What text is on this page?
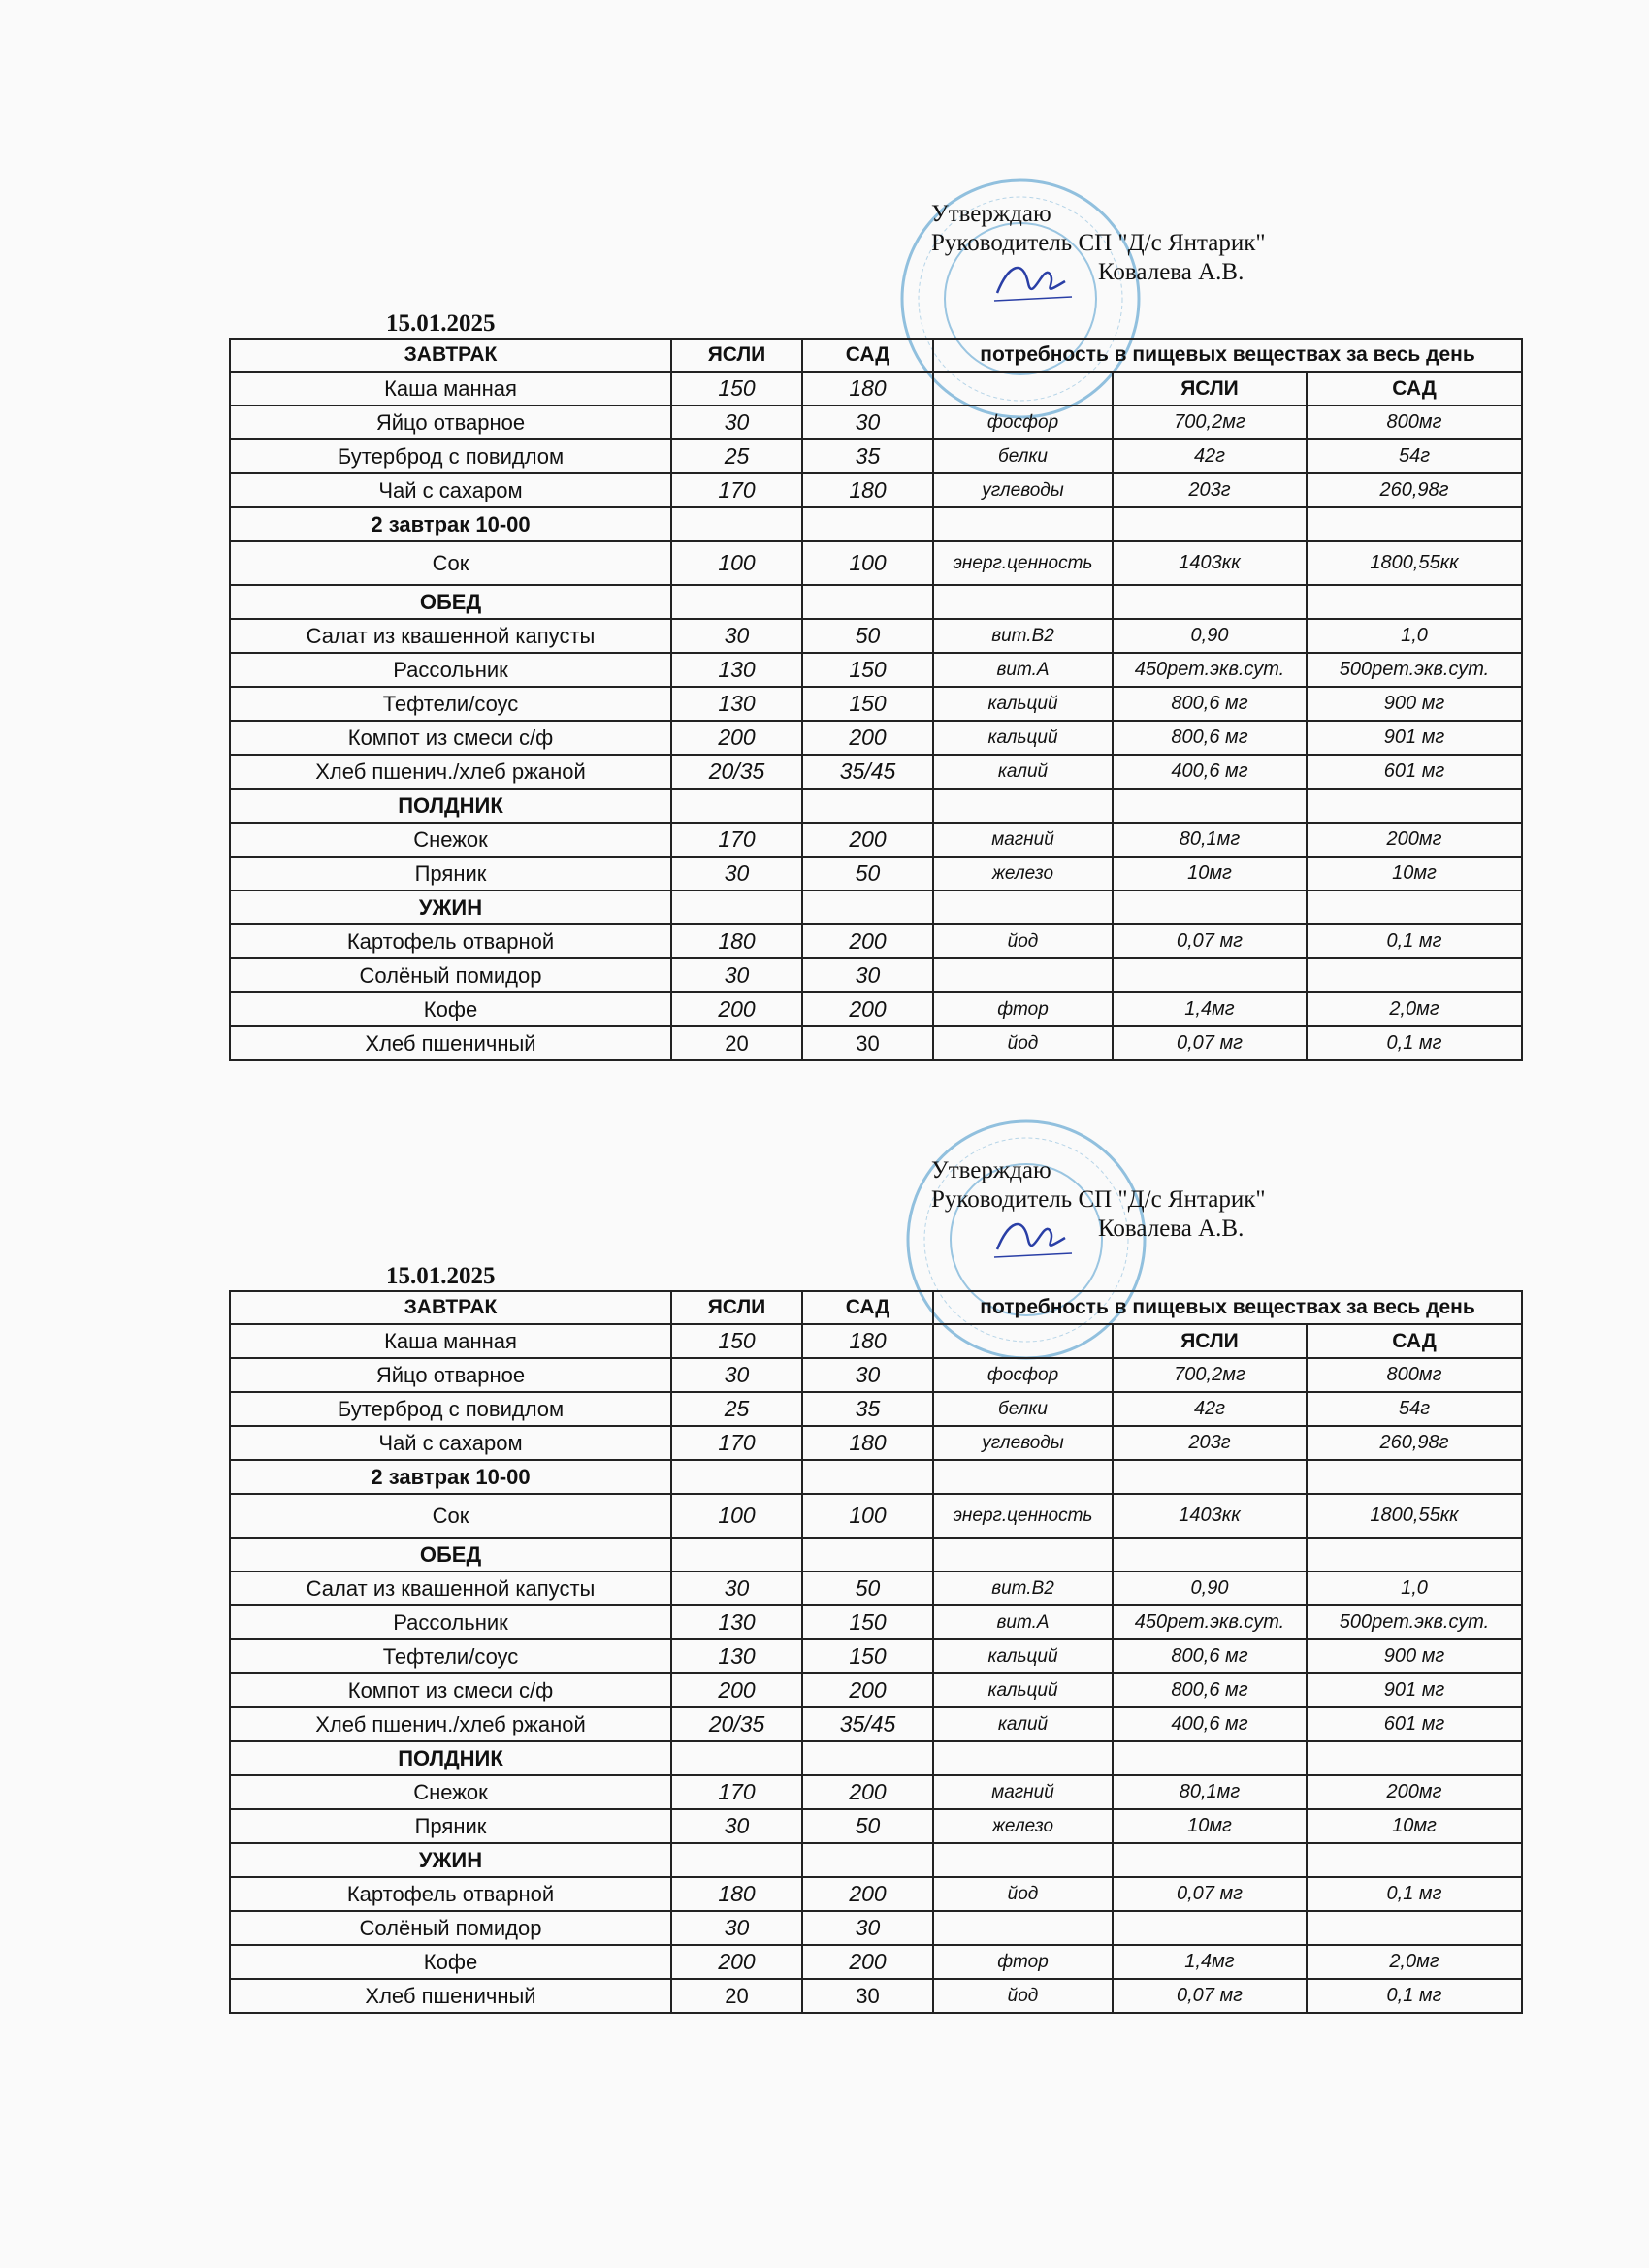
Утверждаю
Руководитель СП "Д/с Янтарик"
Ковалева А.В.
15.01.2025
ЗАВТРАК	ЯСЛИ	САД	потребность в пищевых веществах за весь день		
Каша манная	150	180		ЯСЛИ	САД
Яйцо отварное	30	30	фосфор	700,2мг	800мг
Бутерброд с повидлом	25	35	белки	42г	54г
Чай с сахаром	170	180	углеводы	203г	260,98г
2 завтрак 10-00					
Сок	100	100	энерг.ценность	1403кк	1800,55кк
ОБЕД					
Салат из квашенной капусты	30	50	вит.В2	0,90	1,0
Рассольник	130	150	вит.А	450рет.экв.сут.	500рет.экв.сут.
Тефтели/соус	130	150	кальций	800,6 мг	900 мг
Компот из смеси с/ф	200	200	кальций	800,6 мг	901 мг
Хлеб пшенич./хлеб ржаной	20/35	35/45	калий	400,6 мг	601 мг
ПОЛДНИК					
Снежок	170	200	магний	80,1мг	200мг
Пряник	30	50	железо	10мг	10мг
УЖИН					
Картофель отварной	180	200	йод	0,07 мг	0,1 мг
Солёный помидор	30	30			
Кофе	200	200	фтор	1,4мг	2,0мг
Хлеб пшеничный	20	30	йод	0,07 мг	0,1 мг
Утверждаю
Руководитель СП "Д/с Янтарик"
Ковалева А.В.
15.01.2025
ЗАВТРАК	ЯСЛИ	САД	потребность в пищевых веществах за весь день		
Каша манная	150	180		ЯСЛИ	САД
Яйцо отварное	30	30	фосфор	700,2мг	800мг
Бутерброд с повидлом	25	35	белки	42г	54г
Чай с сахаром	170	180	углеводы	203г	260,98г
2 завтрак 10-00					
Сок	100	100	энерг.ценность	1403кк	1800,55кк
ОБЕД					
Салат из квашенной капусты	30	50	вит.В2	0,90	1,0
Рассольник	130	150	вит.А	450рет.экв.сут.	500рет.экв.сут.
Тефтели/соус	130	150	кальций	800,6 мг	900 мг
Компот из смеси с/ф	200	200	кальций	800,6 мг	901 мг
Хлеб пшенич./хлеб ржаной	20/35	35/45	калий	400,6 мг	601 мг
ПОЛДНИК					
Снежок	170	200	магний	80,1мг	200мг
Пряник	30	50	железо	10мг	10мг
УЖИН					
Картофель отварной	180	200	йод	0,07 мг	0,1 мг
Солёный помидор	30	30			
Кофе	200	200	фтор	1,4мг	2,0мг
Хлеб пшеничный	20	30	йод	0,07 мг	0,1 мг
